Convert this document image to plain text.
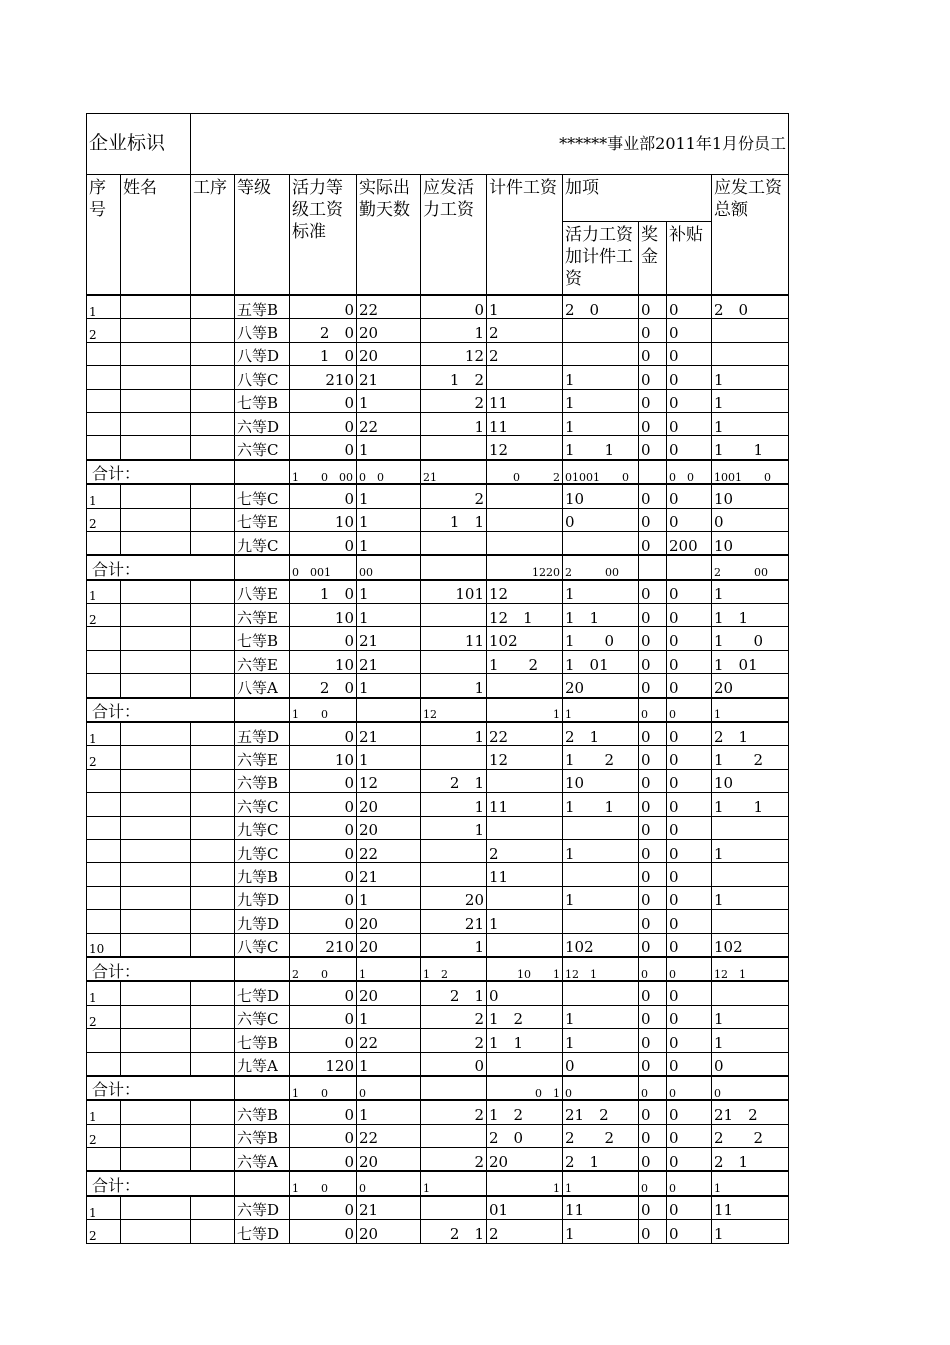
企业标识		******事业部2011年1月份员工									
序号	姓名	工序	等级	活力等级工资标准	实际出勤天数	应发活力工资	计件工资	加项			应发工资总额
								活力工资加计件工资	奖金	补贴	
1			五等B	0	22	0	1	2　0	0	0	2　0
2			八等B	2　0	20	1	2		0	0	
			八等D	1　0	20	12	2		0	0	
			八等C	210	21	1　2		1	0	0	1
			七等B	0	1	2	11	1	0	0	1
			六等D	0	22	1	11	1	0	0	1
			六等C	0	1		12	1　　1	0	0	1　　1
合计：				1　　0　00	0　0	21	0　　　2	01001　　0		0　0	1001　　0
1			七等C	0	1	2		10	0	0	10
2			七等E	10	1	1　1		0	0	0	0
			九等C	0	1				0	200	10
合计：				0　001	00		1220	2　　　00			2　　　00
1			八等E	1　0	1	101	12	1	0	0	1
2			六等E	10	1		12　1	1　1	0	0	1　1
			七等B	0	21	11	102	1　　0	0	0	1　　0
			六等E	10	21		1　　2	1　01	0	0	1　01
			八等A	2　0	1	1		20	0	0	20
合计：				1　　0		12	1	1	0	0	1
1			五等D	0	21	1	22	2　1	0	0	2　1
2			六等E	10	1		12	1　　2	0	0	1　　2
			六等B	0	12	2　1		10	0	0	10
			六等C	0	20	1	11	1　　1	0	0	1　　1
			九等C	0	20	1			0	0	
			九等C	0	22		2	1	0	0	1
			九等B	0	21		11		0	0	
			九等D	0	1	20		1	0	0	1
			九等D	0	20	21	1		0	0	
10			八等C	210	20	1		102	0	0	102
合计：				2　　0	1	1　2	10　　1	12　1	0	0	12　1
1			七等D	0	20	2　1	0		0	0	
2			六等C	0	1	2	1　2	1	0	0	1
			七等B	0	22	2	1　1	1	0	0	1
			九等A	120	1	0		0	0	0	0
合计：				1　　0	0		0　1	0	0	0	0
1			六等B	0	1	2	1　2	21　2	0	0	21　2
2			六等B	0	22		2　0	2　　2	0	0	2　　2
			六等A	0	20	2	20	2　1	0	0	2　1
合计：				1　　0	0	1	1	1	0	0	1
1			六等D	0	21		01	11	0	0	11
2			七等D	0	20	2　1	2	1	0	0	1
